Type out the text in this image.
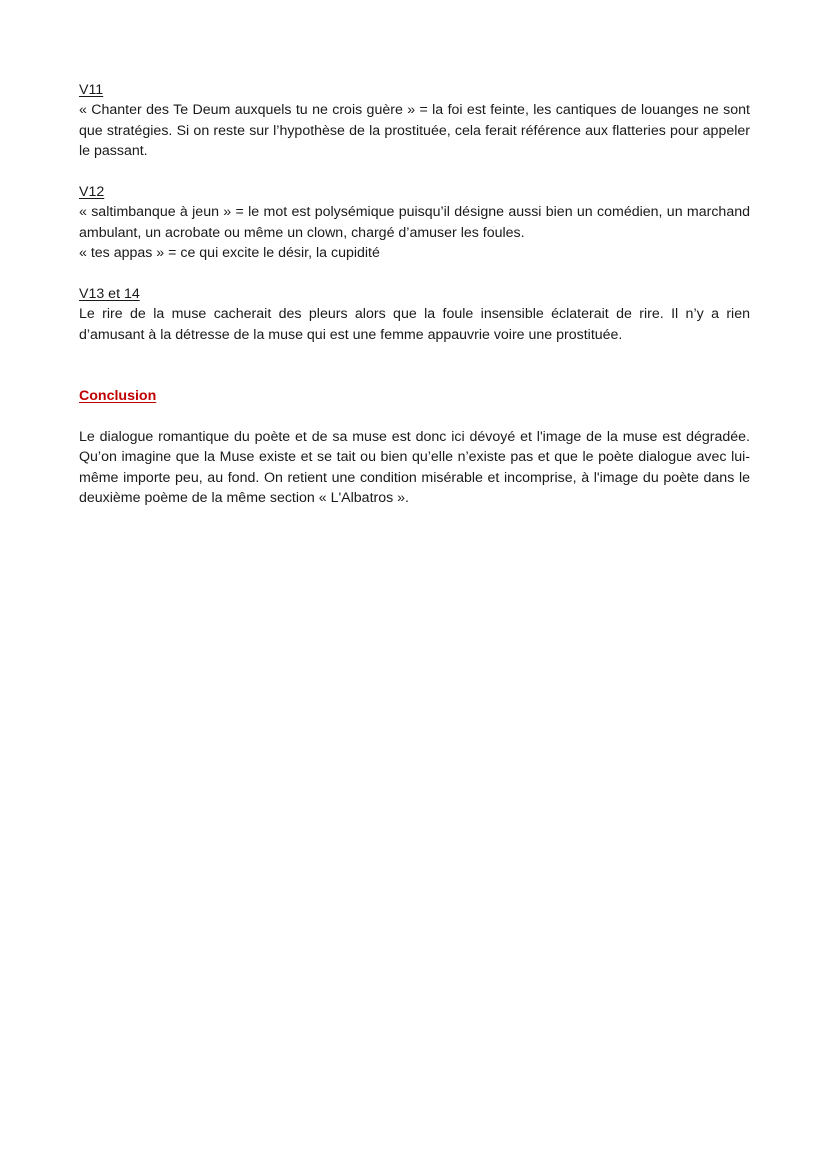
V11
« Chanter des Te Deum auxquels tu ne crois guère » = la foi est feinte, les cantiques de louanges ne sont que stratégies. Si on reste sur l’hypothèse de la prostituée, cela ferait référence aux flatteries pour appeler le passant.
V12
« saltimbanque à jeun » = le mot est polysémique puisqu’il désigne aussi bien un comédien, un marchand ambulant, un acrobate ou même un clown, chargé d’amuser les foules.
« tes appas » = ce qui excite le désir, la cupidité
V13 et 14
Le rire de la muse cacherait des pleurs alors que la foule insensible éclaterait de rire. Il n’y a rien d’amusant à la détresse de la muse qui est une femme appauvrie voire une prostituée.
Conclusion
Le dialogue romantique du poète et de sa muse est donc ici dévoyé et l'image de la muse est dégradée. Qu’on imagine que la Muse existe et se tait ou bien qu’elle n’existe pas et que le poète dialogue avec lui-même importe peu, au fond. On retient une condition misérable et incomprise, à l'image du poète dans le deuxième poème de la même section « L'Albatros ».
